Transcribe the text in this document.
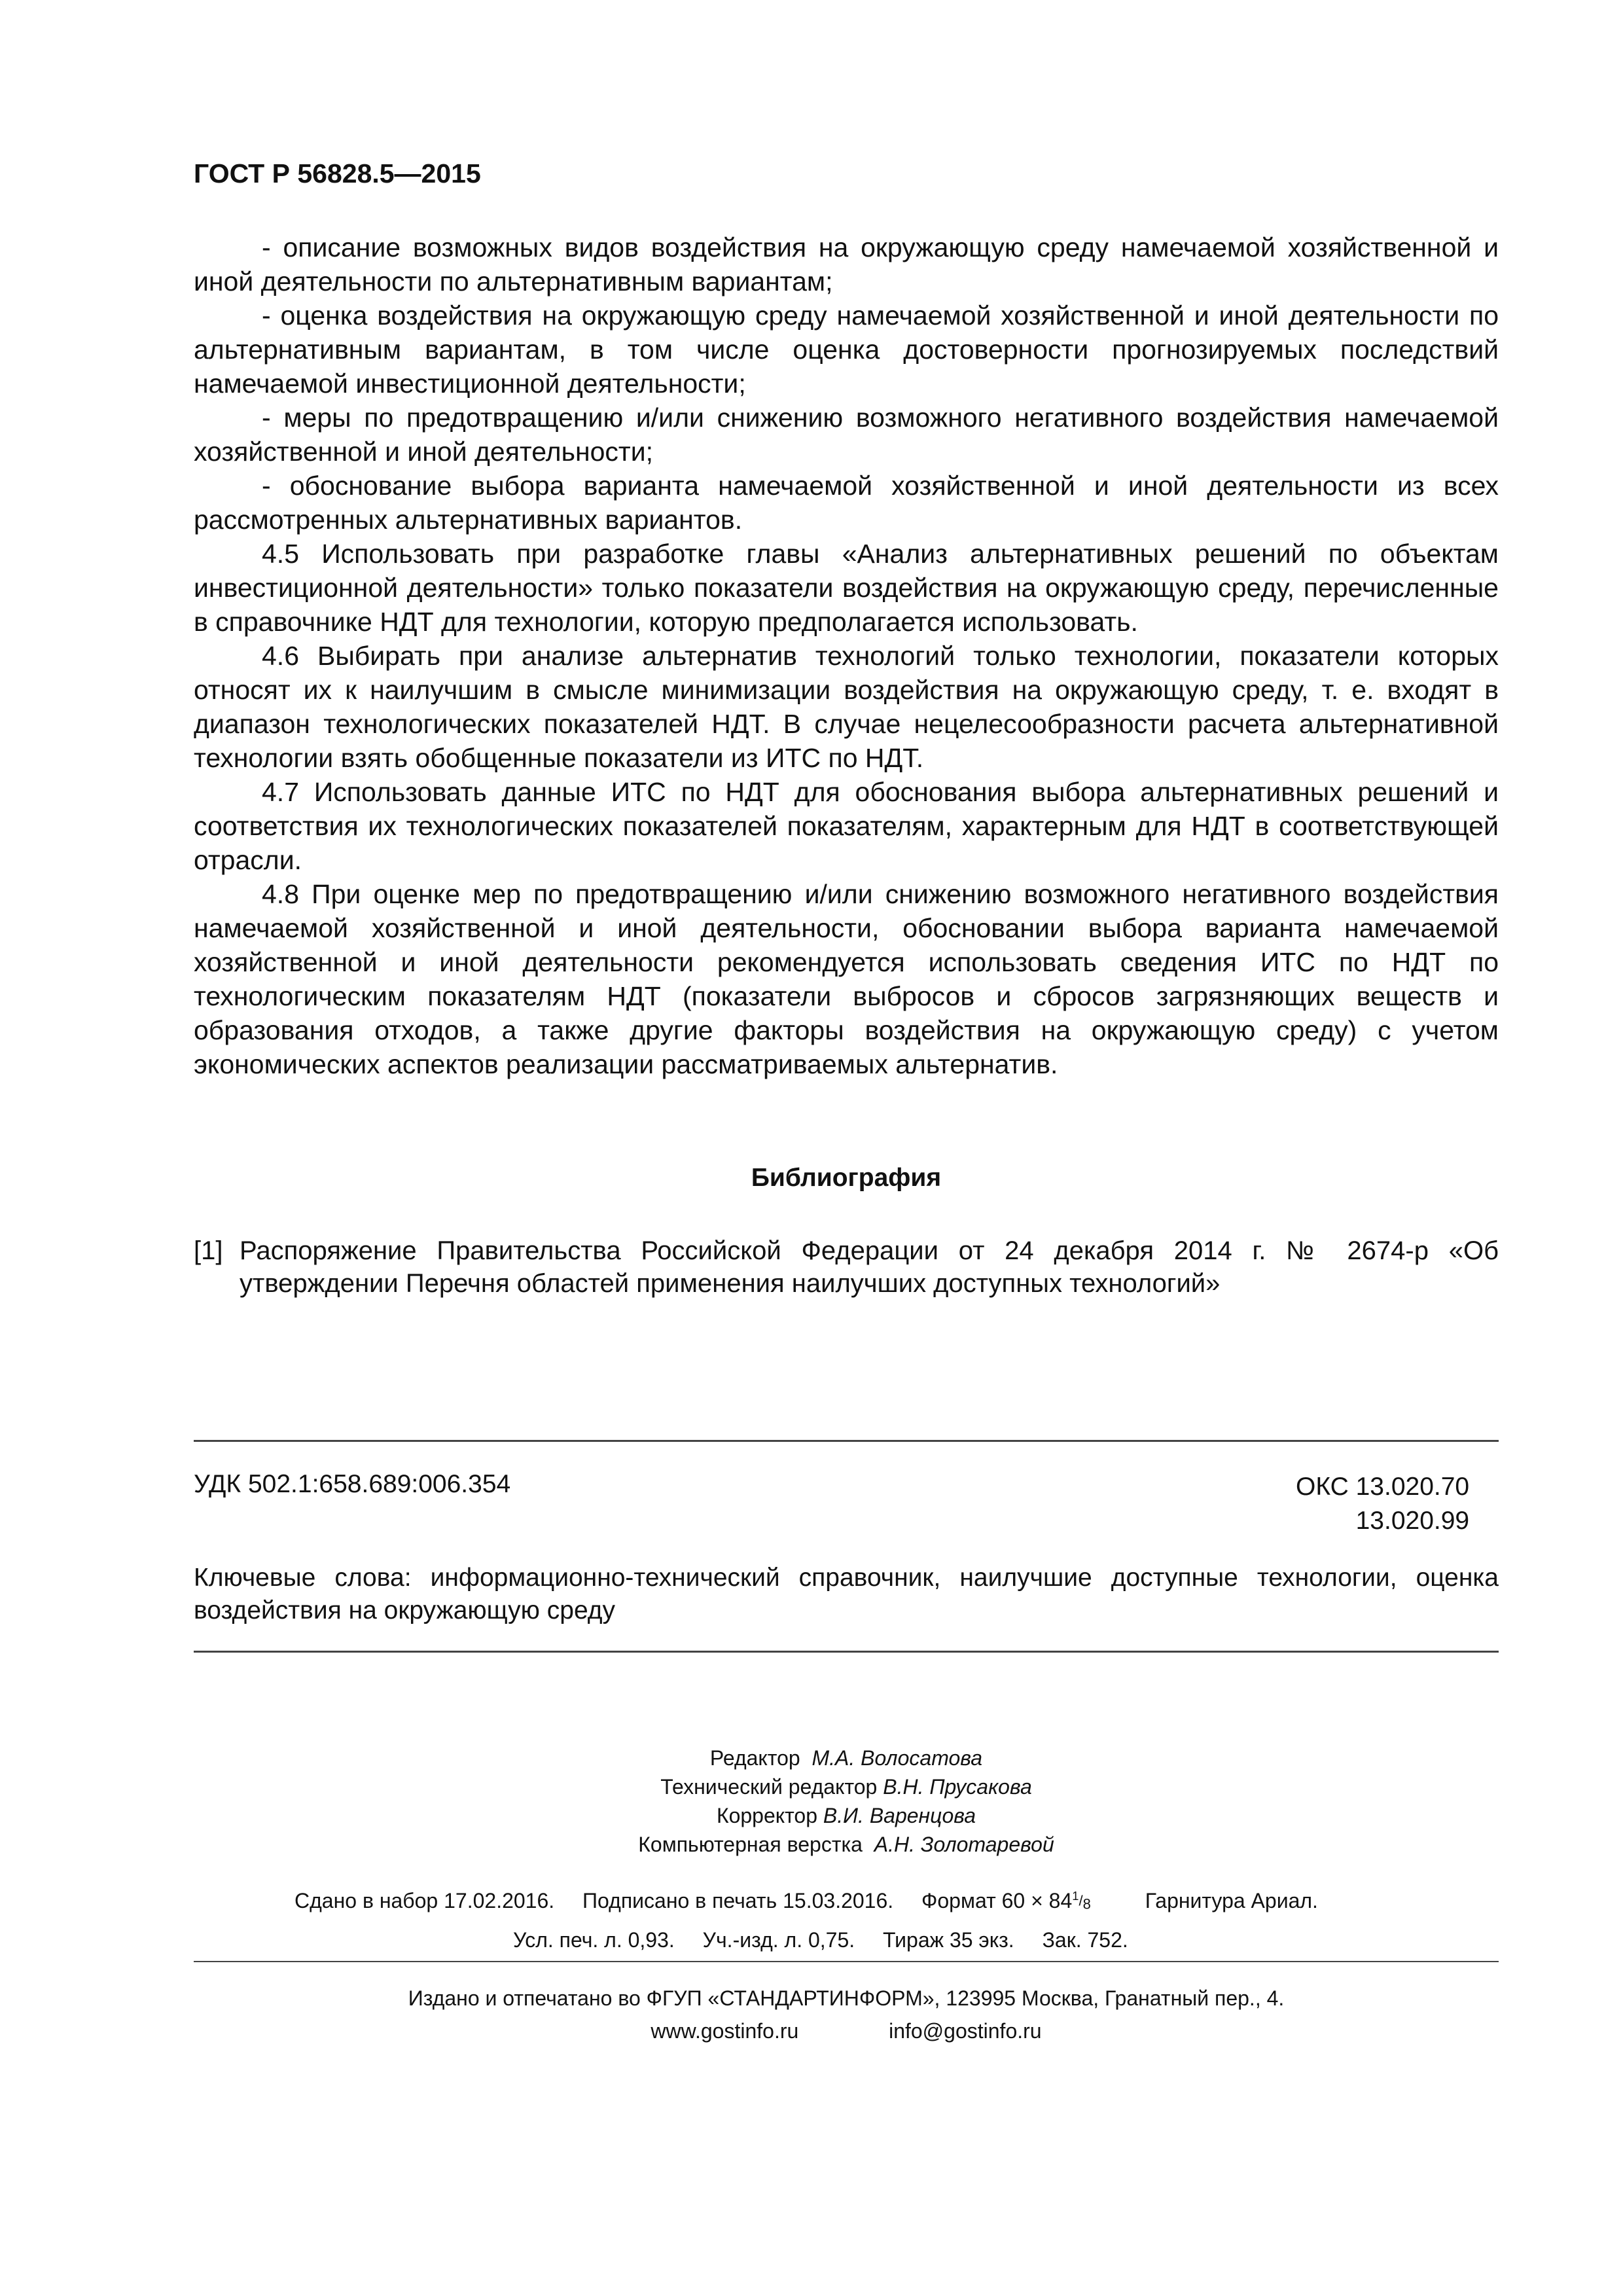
ГОСТ Р 56828.5—2015

- описание возможных видов воздействия на окружающую среду намечаемой хозяйственной и иной деятельности по альтернативным вариантам;

- оценка воздействия на окружающую среду намечаемой хозяйственной и иной деятельности по альтернативным вариантам, в том числе оценка достоверности прогнозируемых последствий намечаемой инвестиционной деятельности;

- меры по предотвращению и/или снижению возможного негативного воздействия намечаемой хозяйственной и иной деятельности;

- обоснование выбора варианта намечаемой хозяйственной и иной деятельности из всех рассмотренных альтернативных вариантов.

4.5 Использовать при разработке главы «Анализ альтернативных решений по объектам инвестиционной деятельности» только показатели воздействия на окружающую среду, перечисленные в справочнике НДТ для технологии, которую предполагается использовать.

4.6 Выбирать при анализе альтернатив технологий только технологии, показатели которых относят их к наилучшим в смысле минимизации воздействия на окружающую среду, т. е. входят в диапазон технологических показателей НДТ. В случае нецелесообразности расчета альтернативной технологии взять обобщенные показатели из ИТС по НДТ.

4.7 Использовать данные ИТС по НДТ для обоснования выбора альтернативных решений и соответствия их технологических показателей показателям, характерным для НДТ в соответствующей отрасли.

4.8 При оценке мер по предотвращению и/или снижению возможного негативного воздействия намечаемой хозяйственной и иной деятельности, обосновании выбора варианта намечаемой хозяйственной и иной деятельности рекомендуется использовать сведения ИТС по НДТ по технологическим показателям НДТ (показатели выбросов и сбросов загрязняющих веществ и образования отходов, а также другие факторы воздействия на окружающую среду) с учетом экономических аспектов реализации рассматриваемых альтернатив.

Библиография
[1] Распоряжение Правительства Российской Федерации от 24 декабря 2014 г. № 2674-р «Об утверждении Перечня областей применения наилучших доступных технологий»
УДК 502.1:658.689:006.354	ОКС 13.020.70
13.020.99
Ключевые слова: информационно-технический справочник, наилучшие доступные технологии, оценка воздействия на окружающую среду
Редактор М.А. Волосатова
Технический редактор В.Н. Прусакова
Корректор В.И. Варенцова
Компьютерная верстка А.Н. Золотаревой
Сдано в набор 17.02.2016. Подписано в печать 15.03.2016. Формат $60 \times 84^1/_8$	Гарнитура Ариал.
Усл. печ. л. 0,93. Уч.-изд. л. 0,75. Тираж 35 экз. Зак. 752.
Издано и отпечатано во ФГУП «СТАНДАРТИНФОРМ», 123995 Москва, Гранатный пер., 4.
www.gostinfo.ru	info@gostinfo.ru
